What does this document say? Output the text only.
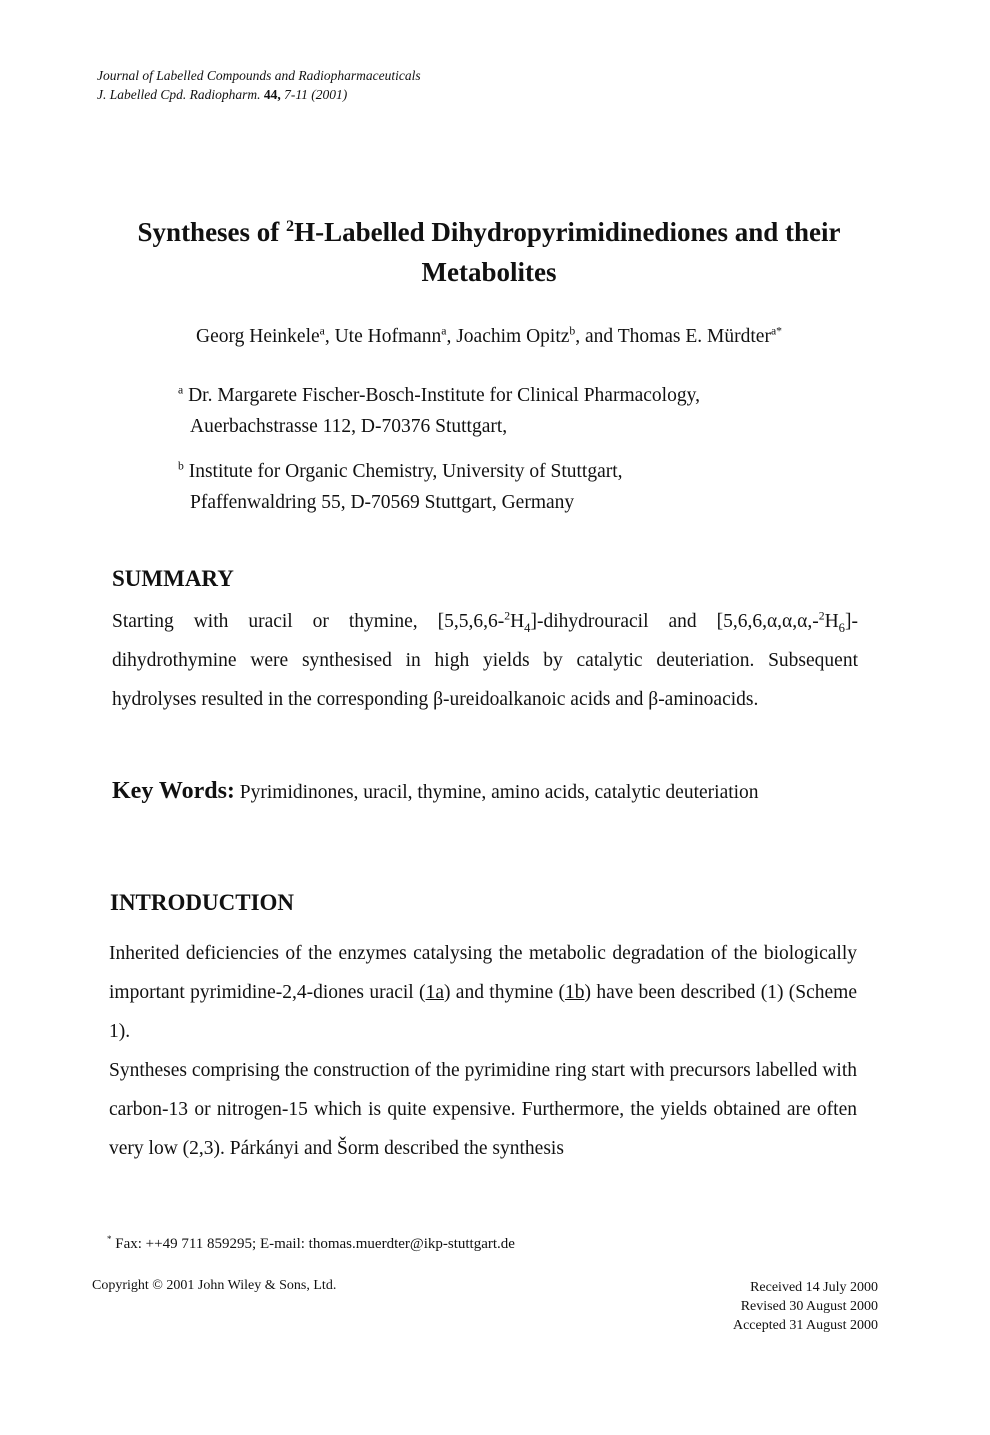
Journal of Labelled Compounds and Radiopharmaceuticals
J. Labelled Cpd. Radiopharm. 44, 7-11 (2001)
Syntheses of $^2$H-Labelled Dihydropyrimidinediones and their
Metabolites
Georg Heinkele$^a$, Ute Hofmann$^a$, Joachim Opitz$^b$, and Thomas E. Mürdter$^{a*}$
$^a$ Dr. Margarete Fischer-Bosch-Institute for Clinical Pharmacology,
Auerbachstrasse 112, D-70376 Stuttgart,
$^b$ Institute for Organic Chemistry, University of Stuttgart,
Pfaffenwaldring 55, D-70569 Stuttgart, Germany
SUMMARY
Starting with uracil or thymine, $[5,5,6,6-^2H_4]$-dihydrouracil and $[5,6,6,\alpha,\alpha,\alpha,-^2H_6]$-dihydrothymine were synthesised in high yields by catalytic deuteriation. Subsequent hydrolyses resulted in the corresponding β-ureidoalkanoic acids and β-aminoacids.
Key Words: Pyrimidinones, uracil, thymine, amino acids, catalytic deuteriation
INTRODUCTION
Inherited deficiencies of the enzymes catalysing the metabolic degradation of the biologically important pyrimidine-2,4-diones uracil (1a) and thymine (1b) have been described (1) (Scheme 1).
Syntheses comprising the construction of the pyrimidine ring start with precursors labelled with carbon-13 or nitrogen-15 which is quite expensive. Furthermore, the yields obtained are often very low (2,3). Párkányi and Šorm described the synthesis
* Fax: ++49 711 859295; E-mail: thomas.muerdter@ikp-stuttgart.de
Copyright © 2001 John Wiley & Sons, Ltd.	Received 14 July 2000
Revised 30 August 2000
Accepted 31 August 2000
